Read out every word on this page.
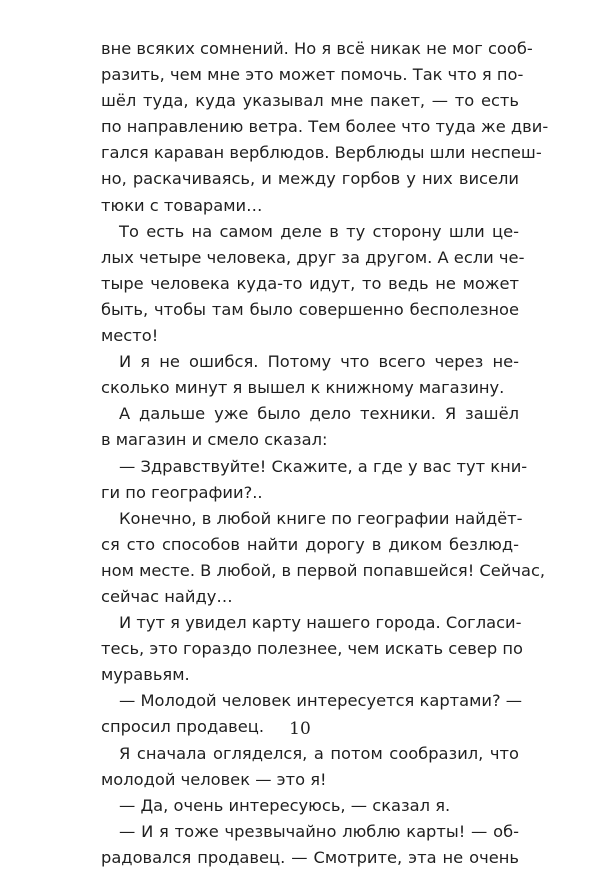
вне всяких сомнений. Но я всё никак не мог сооб-
разить, чем мне это может помочь. Так что я по-
шёл туда, куда указывал мне пакет, — то есть
по направлению ветра. Тем более что туда же дви-
гался караван верблюдов. Верблюды шли неспеш-
но, раскачиваясь, и между горбов у них висели
тюки с товарами…
То есть на самом деле в ту сторону шли це-
лых четыре человека, друг за другом. А если че-
тыре человека куда-то идут, то ведь не может
быть, чтобы там было совершенно бесполезное
место!
И я не ошибся. Потому что всего через не-
сколько минут я вышел к книжному магазину.
А дальше уже было дело техники. Я зашёл
в магазин и смело сказал:
— Здравствуйте! Скажите, а где у вас тут кни-
ги по географии?..
Конечно, в любой книге по географии найдёт-
ся сто способов найти дорогу в диком безлюд-
ном месте. В любой, в первой попавшейся! Сейчас,
сейчас найду…
И тут я увидел карту нашего города. Согласи-
тесь, это гораздо полезнее, чем искать север по
муравьям.
— Молодой человек интересуется картами? —
спросил продавец.
Я сначала огляделся, а потом сообразил, что
молодой человек — это я!
— Да, очень интересуюсь, — сказал я.
— И я тоже чрезвычайно люблю карты! — об-
радовался продавец. — Смотрите, эта не очень
10
